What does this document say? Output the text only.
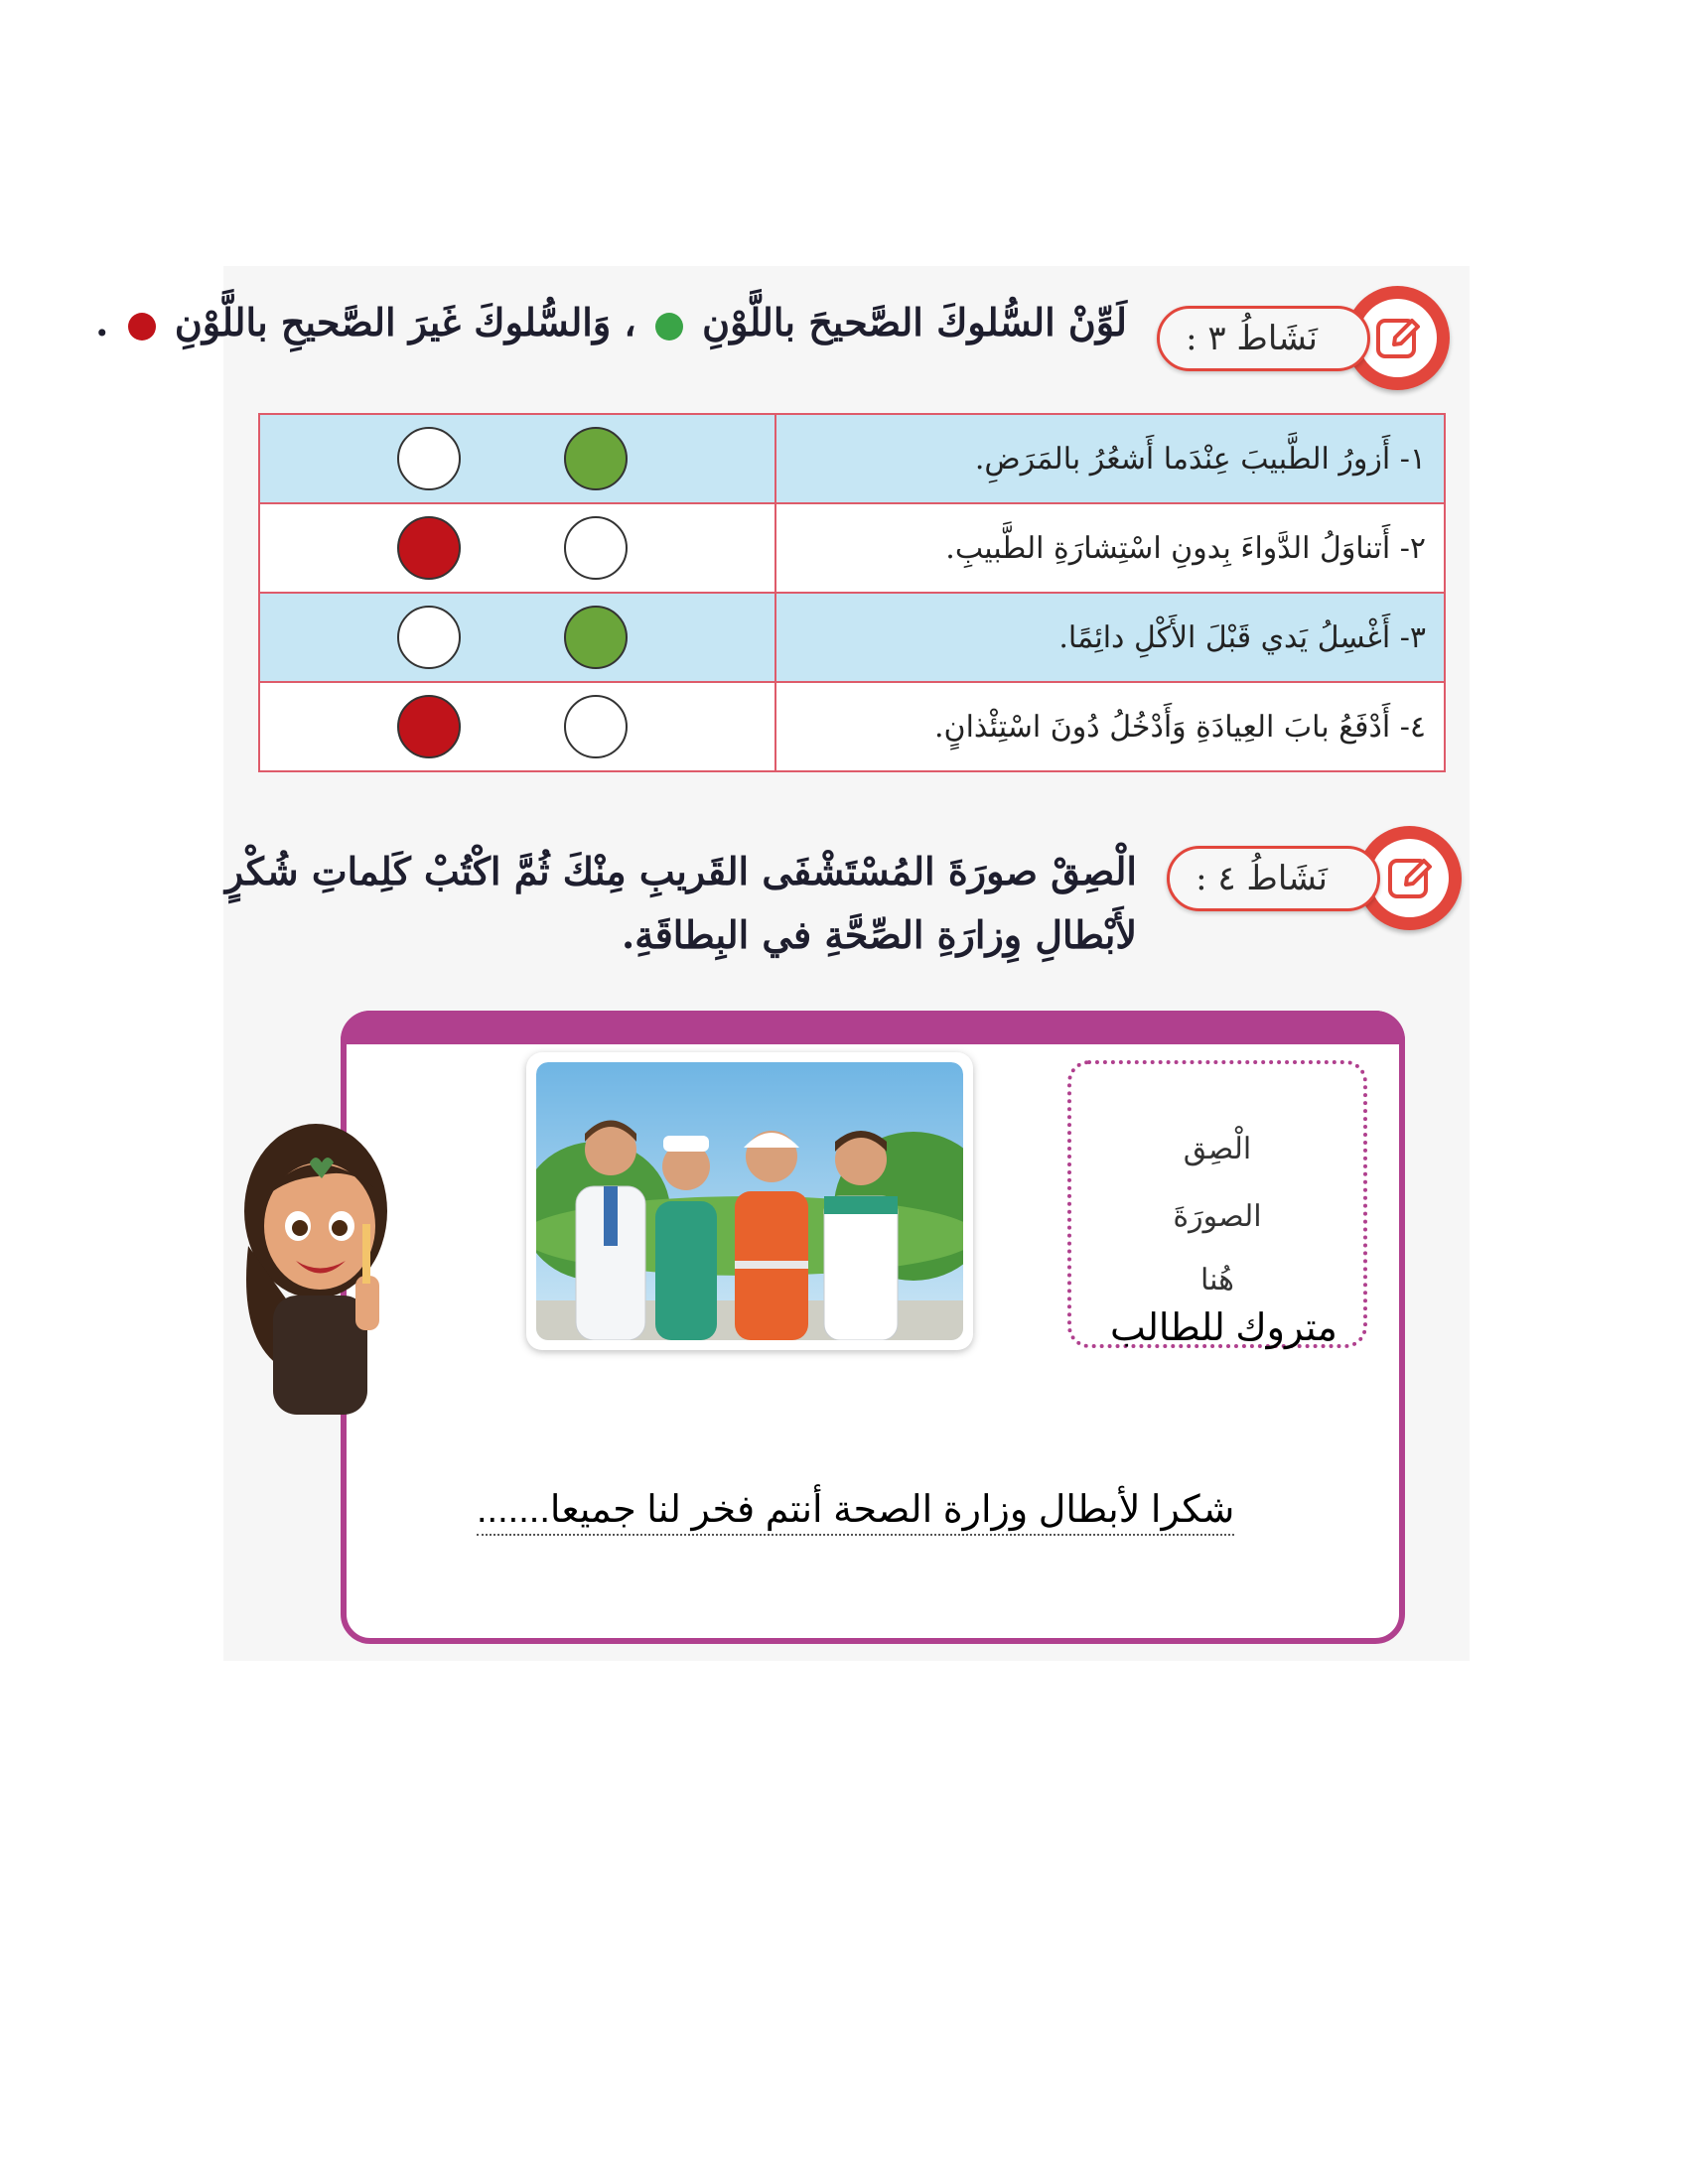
نَشَاطُ ٣ :
لَوِّنْ السُّلوكَ الصَّحيحَ باللَّوْنِ  ، وَالسُّلوكَ غَيرَ الصَّحيحِ باللَّوْنِ  .
١- أَزورُ الطَّبيبَ عِنْدَما أَشعُرُ بالمَرَضِ.	

٢- أَتناوَلُ الدَّواءَ بِدونِ اسْتِشارَةِ الطَّبيبِ.	

٣- أَغْسِلُ يَدي قَبْلَ الأَكْلِ دائِمًا.	

٤- أَدْفَعُ بابَ العِيادَةِ وَأَدْخُلُ دُونَ اسْتِئْذانٍ.	
نَشَاطُ ٤ :
الْصِقْ صورَةَ المُسْتَشْفَى القَريبِ مِنْكَ ثُمَّ اكْتُبْ كَلِماتِ شُكْرٍ
لأَبْطالِ وِزارَةِ الصِّحَّةِ في البِطاقَةِ.
الْصِق
الصورَةَ
هُنا
متروك للطالب
شكرا لأبطال وزارة الصحة أنتم فخر لنا جميعا.......
